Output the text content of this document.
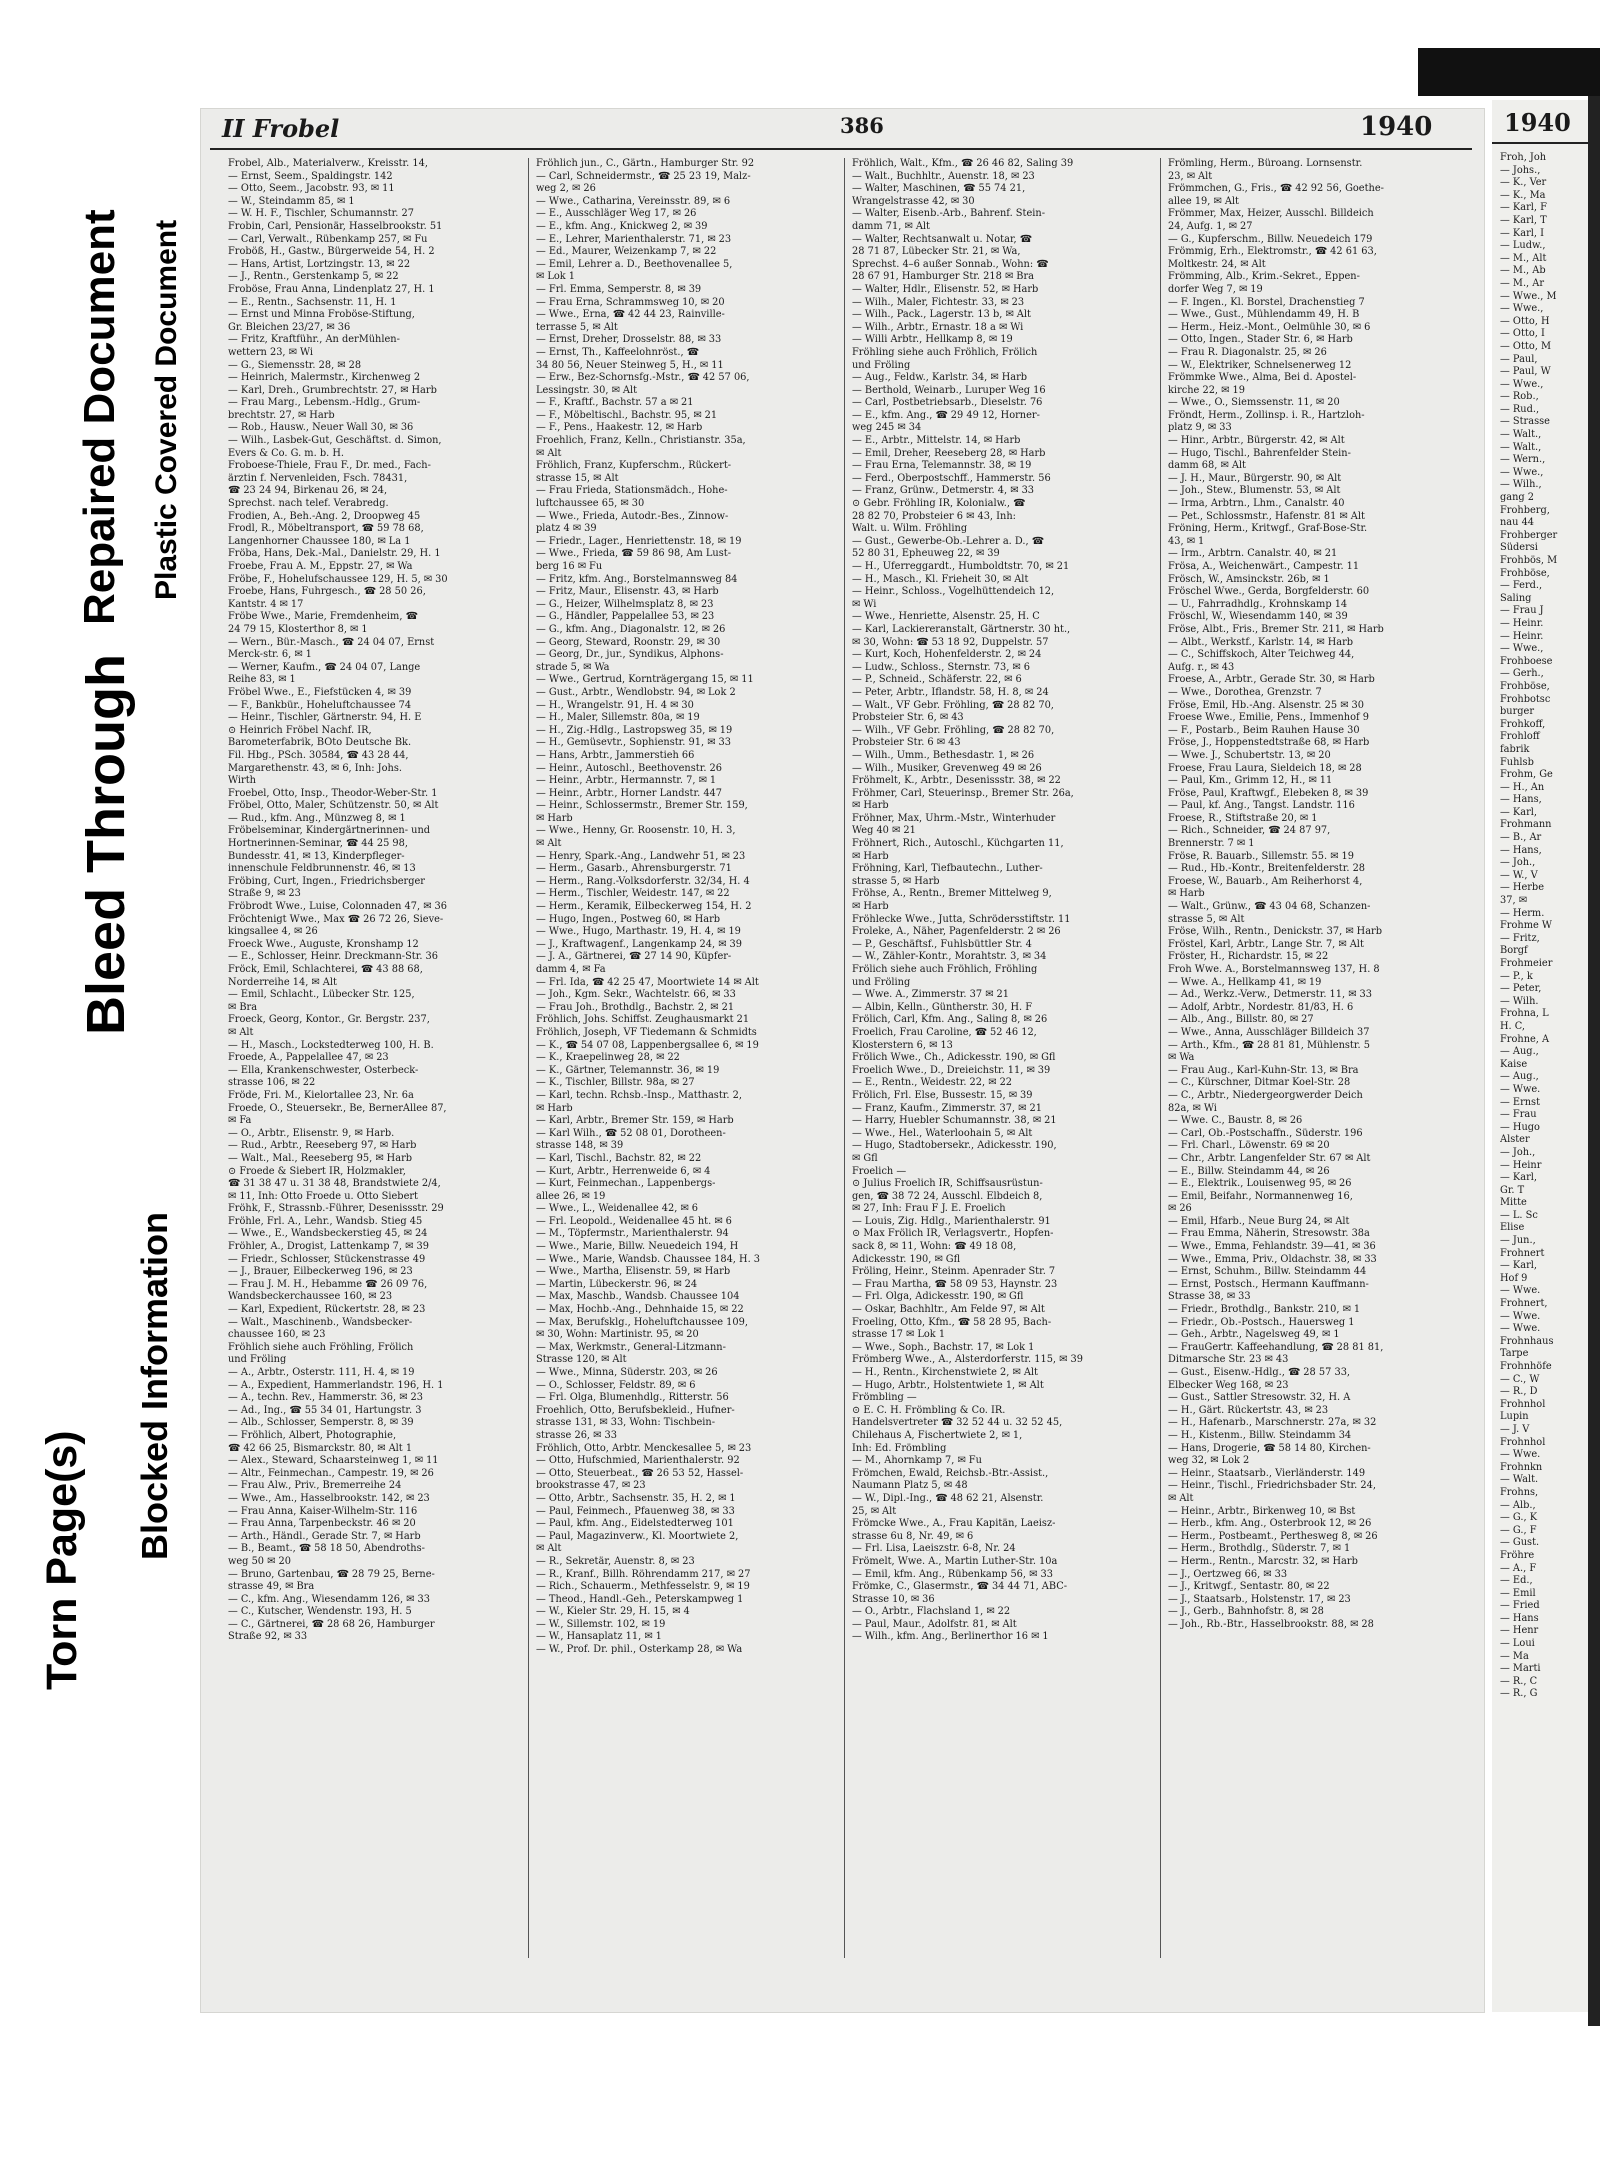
Torn Page(s)
Blocked Information
Bleed Through
Repaired Document Plastic Covered Document
II Frobel	386	1940

Frobel, Alb., Materialverw., Kreisstr. 14,

— Ernst, Seem., Spaldingstr. 142

— Otto, Seem., Jacobstr. 93, ✉ 11

— W., Steindamm 85, ✉ 1

— W. H. F., Tischler, Schumannstr. 27

Frobin, Carl, Pensionär, Hasselbrookstr. 51

— Carl, Verwalt., Rübenkamp 257, ✉ Fu

Froböß, H., Gastw., Bürgerweide 54, H. 2

— Hans, Artist, Lortzingstr. 13, ✉ 22

— J., Rentn., Gerstenkamp 5, ✉ 22

Froböse, Frau Anna, Lindenplatz 27, H. 1

— E., Rentn., Sachsenstr. 11, H. 1

— Ernst und Minna Froböse-Stiftung,

Gr. Bleichen 23/27, ✉ 36

— Fritz, Kraftführ., An derMühlen-

wettern 23, ✉ Wi

— G., Siemensstr. 28, ✉ 28

— Heinrich, Malermstr., Kirchenweg 2

— Karl, Dreh., Grumbrechtstr. 27, ✉ Harb

— Frau Marg., Lebensm.-Hdlg., Grum-

brechtstr. 27, ✉ Harb

— Rob., Hausw., Neuer Wall 30, ✉ 36

— Wilh., Lasbek-Gut, Geschäftst. d. Simon,

Evers & Co. G. m. b. H.

Froboese-Thiele, Frau F., Dr. med., Fach-

ärztin f. Nervenleiden, Fsch. 78431,

☎ 23 24 94, Birkenau 26, ✉ 24,

Sprechst. nach telef. Verabredg.

Frodien, A., Beh.-Ang. 2, Droopweg 45

Frodl, R., Möbeltransport, ☎ 59 78 68,

Langenhorner Chaussee 180, ✉ La 1

Fröba, Hans, Dek.-Mal., Danielstr. 29, H. 1

Froebe, Frau A. M., Eppstr. 27, ✉ Wa

Fröbe, F., Hohelufschaussee 129, H. 5, ✉ 30

Froebe, Hans, Fuhrgesch., ☎ 28 50 26,

Kantstr. 4 ✉ 17

Fröbe Wwe., Marie, Fremdenheim, ☎

24 79 15, Klosterthor 8, ✉ 1

— Wern., Bür.-Masch., ☎ 24 04 07, Ernst

Merck-str. 6, ✉ 1

— Werner, Kaufm., ☎ 24 04 07, Lange

Reihe 83, ✉ 1

Fröbel Wwe., E., Fiefstücken 4, ✉ 39

— F., Bankbür., Hoheluftchaussee 74

— Heinr., Tischler, Gärtnerstr. 94, H. E

⊙ Heinrich Fröbel Nachf. IR,

Barometerfabrik, BOto Deutsche Bk.

Fil. Hbg., PSch. 30584, ☎ 43 28 44,

Margarethenstr. 43, ✉ 6, Inh: Johs.

Wirth

Froebel, Otto, Insp., Theodor-Weber-Str. 1

Fröbel, Otto, Maler, Schützenstr. 50, ✉ Alt

— Rud., kfm. Ang., Münzweg 8, ✉ 1

Fröbelseminar, Kindergärtnerinnen- und

Hortnerinnen-Seminar, ☎ 44 25 98,

Bundesstr. 41, ✉ 13, Kinderpfleger-

innenschule Feldbrunnenstr. 46, ✉ 13

Fröbing, Curt, Ingen., Friedrichsberger

Straße 9, ✉ 23

Fröbrodt Wwe., Luise, Colonnaden 47, ✉ 36

Fröchtenigt Wwe., Max ☎ 26 72 26, Sieve-

kingsallee 4, ✉ 26

Froeck Wwe., Auguste, Kronshamp 12

— E., Schlosser, Heinr. Dreckmann-Str. 36

Fröck, Emil, Schlachterei, ☎ 43 88 68,

Norderreihe 14, ✉ Alt

— Emil, Schlacht., Lübecker Str. 125,

✉ Bra

Froeck, Georg, Kontor., Gr. Bergstr. 237,

✉ Alt

— H., Masch., Lockstedterweg 100, H. B.

Froede, A., Pappelallee 47, ✉ 23

— Ella, Krankenschwester, Osterbeck-

strasse 106, ✉ 22

Fröde, Fri. M., Kielortallee 23, Nr. 6a

Froede, O., Steuersekr., Be, BernerAllee 87,

✉ Fa

— O., Arbtr., Elisenstr. 9, ✉ Harb.

— Rud., Arbtr., Reeseberg 97, ✉ Harb

— Walt., Mal., Reeseberg 95, ✉ Harb

⊙ Froede & Siebert IR, Holzmakler,

☎ 31 38 47 u. 31 38 48, Brandstwiete 2/4,

✉ 11, Inh: Otto Froede u. Otto Siebert

Fröhk, F., Strassnb.-Führer, Desenissstr. 29

Fröhle, Frl. A., Lehr., Wandsb. Stieg 45

— Wwe., E., Wandsbeckerstieg 45, ✉ 24

Fröhler, A., Drogist, Lattenkamp 7, ✉ 39

— Friedr., Schlosser, Stückenstrasse 49

— J., Brauer, Eilbeckerweg 196, ✉ 23

— Frau J. M. H., Hebamme ☎ 26 09 76,

Wandsbeckerchaussee 160, ✉ 23

— Karl, Expedient, Rückertstr. 28, ✉ 23

— Walt., Maschinenb., Wandsbecker-

chaussee 160, ✉ 23

Fröhlich siehe auch Fröhling, Frölich

und Fröling

— A., Arbtr., Osterstr. 111, H. 4, ✉ 19

— A., Expedient, Hammerlandstr. 196, H. 1

— A., techn. Rev., Hammerstr. 36, ✉ 23

— Ad., Ing., ☎ 55 34 01, Hartungstr. 3

— Alb., Schlosser, Semperstr. 8, ✉ 39

— Fröhlich, Albert, Photographie,

☎ 42 66 25, Bismarckstr. 80, ✉ Alt 1

— Alex., Steward, Schaarsteinweg 1, ✉ 11

— Altr., Feinmechan., Campestr. 19, ✉ 26

— Frau Alw., Priv., Bremerreihe 24

— Wwe., Am., Hasselbrookstr. 142, ✉ 23

— Frau Anna, Kaiser-Wilhelm-Str. 116

— Frau Anna, Tarpenbeckstr. 46 ✉ 20

— Arth., Händl., Gerade Str. 7, ✉ Harb

— B., Beamt., ☎ 58 18 50, Abendroths-

weg 50 ✉ 20

— Bruno, Gartenbau, ☎ 28 79 25, Berne-

strasse 49, ✉ Bra

— C., kfm. Ang., Wiesendamm 126, ✉ 33

— C., Kutscher, Wendenstr. 193, H. 5

— C., Gärtnerei, ☎ 28 68 26, Hamburger

Straße 92, ✉ 33

Fröhlich jun., C., Gärtn., Hamburger Str. 92

— Carl, Schneidermstr., ☎ 25 23 19, Malz-

weg 2, ✉ 26

— Wwe., Catharina, Vereinsstr. 89, ✉ 6

— E., Ausschläger Weg 17, ✉ 26

— E., kfm. Ang., Knickweg 2, ✉ 39

— E., Lehrer, Marienthalerstr. 71, ✉ 23

— Ed., Maurer, Weizenkamp 7, ✉ 22

— Emil, Lehrer a. D., Beethovenallee 5,

✉ Lok 1

— Frl. Emma, Semperstr. 8, ✉ 39

— Frau Erna, Schrammsweg 10, ✉ 20

— Wwe., Erna, ☎ 42 44 23, Rainville-

terrasse 5, ✉ Alt

— Ernst, Dreher, Drosselstr. 88, ✉ 33

— Ernst, Th., Kaffeelohnröst., ☎

34 80 56, Neuer Steinweg 5, H., ✉ 11

— Erw., Bez-Schornsfg.-Mstr., ☎ 42 57 06,

Lessingstr. 30, ✉ Alt

— F., Kraftf., Bachstr. 57 a ✉ 21

— F., Möbeltischl., Bachstr. 95, ✉ 21

— F., Pens., Haakestr. 12, ✉ Harb

Froehlich, Franz, Kelln., Christianstr. 35a,

✉ Alt

Fröhlich, Franz, Kupferschm., Rückert-

strasse 15, ✉ Alt

— Frau Frieda, Stationsmädch., Hohe-

luftchaussee 65, ✉ 30

— Wwe., Frieda, Autodr.-Bes., Zinnow-

platz 4 ✉ 39

— Friedr., Lager., Henriettenstr. 18, ✉ 19

— Wwe., Frieda, ☎ 59 86 98, Am Lust-

berg 16 ✉ Fu

— Fritz, kfm. Ang., Borstelmannsweg 84

— Fritz, Maur., Elisenstr. 43, ✉ Harb

— G., Heizer, Wilhelmsplatz 8, ✉ 23

— G., Händler, Pappelallee 53, ✉ 23

— G., kfm. Ang., Diagonalstr. 12, ✉ 26

— Georg, Steward, Roonstr. 29, ✉ 30

— Georg, Dr., jur., Syndikus, Alphons-

strade 5, ✉ Wa

— Wwe., Gertrud, Kornträgergang 15, ✉ 11

— Gust., Arbtr., Wendlobstr. 94, ✉ Lok 2

— H., Wrangelstr. 91, H. 4 ✉ 30

— H., Maler, Sillemstr. 80a, ✉ 19

— H., Zig.-Hdlg., Lastropsweg 35, ✉ 19

— H., Gemüsevtr., Sophienstr. 91, ✉ 33

— Hans, Arbtr., Jammerstieh 66

— Heinr., Autoschl., Beethovenstr. 26

— Heinr., Arbtr., Hermannstr. 7, ✉ 1

— Heinr., Arbtr., Horner Landstr. 447

— Heinr., Schlossermstr., Bremer Str. 159,

✉ Harb

— Wwe., Henny, Gr. Roosenstr. 10, H. 3,

✉ Alt

— Henry, Spark.-Ang., Landwehr 51, ✉ 23

— Herm., Gasarb., Ahrensburgerstr. 71

— Herm., Rang.-Volksdorferstr. 32/34, H. 4

— Herm., Tischler, Weidestr. 147, ✉ 22

— Herm., Keramik, Eilbeckerweg 154, H. 2

— Hugo, Ingen., Postweg 60, ✉ Harb

— Wwe., Hugo, Marthastr. 19, H. 4, ✉ 19

— J., Kraftwagenf., Langenkamp 24, ✉ 39

— J. A., Gärtnerei, ☎ 27 14 90, Küpfer-

damm 4, ✉ Fa

— Frl. Ida, ☎ 42 25 47, Moortwiete 14 ✉ Alt

— Joh., Kgm. Sekr., Wachtelstr. 66, ✉ 33

— Frau Joh., Brothdlg., Bachstr. 2, ✉ 21

Fröhlich, Johs. Schiffst. Zeughausmarkt 21

Fröhlich, Joseph, VF Tiedemann & Schmidts

— K., ☎ 54 07 08, Lappenbergsallee 6, ✉ 19

— K., Kraepelinweg 28, ✉ 22

— K., Gärtner, Telemannstr. 36, ✉ 19

— K., Tischler, Billstr. 98a, ✉ 27

— Karl, techn. Rchsb.-Insp., Matthastr. 2,

✉ Harb

— Karl, Arbtr., Bremer Str. 159, ✉ Harb

— Karl Wilh., ☎ 52 08 01, Dorotheen-

strasse 148, ✉ 39

— Karl, Tischl., Bachstr. 82, ✉ 22

— Kurt, Arbtr., Herrenweide 6, ✉ 4

— Kurt, Feinmechan., Lappenbergs-

allee 26, ✉ 19

— Wwe., L., Weidenallee 42, ✉ 6

— Frl. Leopold., Weidenallee 45 ht. ✉ 6

— M., Töpfermstr., Marienthalerstr. 94

— Wwe., Marie, Billw. Neuedeich 194, H

— Wwe., Marie, Wandsb. Chaussee 184, H. 3

— Wwe., Martha, Elisenstr. 59, ✉ Harb

— Martin, Lübeckerstr. 96, ✉ 24

— Max, Maschb., Wandsb. Chaussee 104

— Max, Hochb.-Ang., Dehnhaide 15, ✉ 22

— Max, Berufsklg., Hoheluftchaussee 109,

✉ 30, Wohn: Martinistr. 95, ✉ 20

— Max, Werkmstr., General-Litzmann-

Strasse 120, ✉ Alt

— Wwe., Minna, Süderstr. 203, ✉ 26

— O., Schlosser, Feldstr. 89, ✉ 6

— Frl. Olga, Blumenhdlg., Ritterstr. 56

Froehlich, Otto, Berufsbekleid., Hufner-

strasse 131, ✉ 33, Wohn: Tischbein-

strasse 26, ✉ 33

Fröhlich, Otto, Arbtr. Menckesallee 5, ✉ 23

— Otto, Hufschmied, Marienthalerstr. 92

— Otto, Steuerbeat., ☎ 26 53 52, Hassel-

brookstrasse 47, ✉ 23

— Otto, Arbtr., Sachsenstr. 35, H. 2, ✉ 1

— Paul, Feinmech., Pfauenweg 38, ✉ 33

— Paul, kfm. Ang., Eidelstedterweg 101

— Paul, Magazinverw., Kl. Moortwiete 2,

✉ Alt

— R., Sekretär, Auenstr. 8, ✉ 23

— R., Kranf., Billh. Röhrendamm 217, ✉ 27

— Rich., Schauerm., Methfesselstr. 9, ✉ 19

— Theod., Handl.-Geh., Peterskampweg 1

— W., Kieler Str. 29, H. 15, ✉ 4

— W., Sillemstr. 102, ✉ 19

— W., Hansaplatz 11, ✉ 1

— W., Prof. Dr. phil., Osterkamp 28, ✉ Wa

Fröhlich, Walt., Kfm., ☎ 26 46 82, Saling 39

— Walt., Buchhltr., Auenstr. 18, ✉ 23

— Walter, Maschinen, ☎ 55 74 21,

Wrangelstrasse 42, ✉ 30

— Walter, Eisenb.-Arb., Bahrenf. Stein-

damm 71, ✉ Alt

— Walter, Rechtsanwalt u. Notar, ☎

28 71 87, Lübecker Str. 21, ✉ Wa,

Sprechst. 4–6 außer Sonnab., Wohn: ☎

28 67 91, Hamburger Str. 218 ✉ Bra

— Walter, Hdlr., Elisenstr. 52, ✉ Harb

— Wilh., Maler, Fichtestr. 33, ✉ 23

— Wilh., Pack., Lagerstr. 13 b, ✉ Alt

— Wilh., Arbtr., Ernastr. 18 a ✉ Wi

— Willi Arbtr., Hellkamp 8, ✉ 19

Fröhling siehe auch Fröhlich, Frölich

und Fröling

— Aug., Feldw., Karlstr. 34, ✉ Harb

— Berthold, Weinarb., Luruper Weg 16

— Carl, Postbetriebsarb., Dieselstr. 76

— E., kfm. Ang., ☎ 29 49 12, Horner-

weg 245 ✉ 34

— E., Arbtr., Mittelstr. 14, ✉ Harb

— Emil, Dreher, Reeseberg 28, ✉ Harb

— Frau Erna, Telemannstr. 38, ✉ 19

— Ferd., Oberpostschff., Hammerstr. 56

— Franz, Grünw., Detmerstr. 4, ✉ 33

⊙ Gebr. Fröhling IR, Kolonialw., ☎

28 82 70, Probsteier 6 ✉ 43, Inh:

Walt. u. Wilm. Fröhling

— Gust., Gewerbe-Ob.-Lehrer a. D., ☎

52 80 31, Epheuweg 22, ✉ 39

— H., Uferreggardt., Humboldtstr. 70, ✉ 21

— H., Masch., Kl. Frieheit 30, ✉ Alt

— Heinr., Schloss., Vogelhüttendeich 12,

✉ Wi

— Wwe., Henriette, Alsenstr. 25, H. C

— Karl, Lackiereranstalt, Gärtnerstr. 30 ht.,

✉ 30, Wohn: ☎ 53 18 92, Duppelstr. 57

— Kurt, Koch, Hohenfelderstr. 2, ✉ 24

— Ludw., Schloss., Sternstr. 73, ✉ 6

— P., Schneid., Schäferstr. 22, ✉ 6

— Peter, Arbtr., Iflandstr. 58, H. 8, ✉ 24

— Walt., VF Gebr. Fröhling, ☎ 28 82 70,

Probsteier Str. 6, ✉ 43

— Wilh., VF Gebr. Fröhling, ☎ 28 82 70,

Probsteier Str. 6 ✉ 43

— Wilh., Umm., Bethesdastr. 1, ✉ 26

— Wilh., Musiker, Grevenweg 49 ✉ 26

Fröhmelt, K., Arbtr., Desenissstr. 38, ✉ 22

Fröhmer, Carl, Steuerinsp., Bremer Str. 26a,

✉ Harb

Fröhner, Max, Uhrm.-Mstr., Winterhuder

Weg 40 ✉ 21

Fröhnert, Rich., Autoschl., Küchgarten 11,

✉ Harb

Fröhning, Karl, Tiefbautechn., Luther-

strasse 5, ✉ Harb

Fröhse, A., Rentn., Bremer Mittelweg 9,

✉ Harb

Fröhlecke Wwe., Jutta, Schrödersstiftstr. 11

Froleke, A., Näher, Pagenfelderstr. 2 ✉ 26

— P., Geschäftsf., Fuhlsbüttler Str. 4

— W., Zähler-Kontr., Morahtstr. 3, ✉ 34

Frölich siehe auch Fröhlich, Fröhling

und Fröling

— Wwe. A., Zimmerstr. 37 ✉ 21

— Albin, Kelln., Güntherstr. 30, H. F

Frölich, Carl, Kfm. Ang., Saling 8, ✉ 26

Froelich, Frau Caroline, ☎ 52 46 12,

Klosterstern 6, ✉ 13

Frölich Wwe., Ch., Adickesstr. 190, ✉ Gfl

Froelich Wwe., D., Dreieichstr. 11, ✉ 39

— E., Rentn., Weidestr. 22, ✉ 22

Frölich, Frl. Else, Bussestr. 15, ✉ 39

— Franz, Kaufm., Zimmerstr. 37, ✉ 21

— Harry, Huebler Schumannstr. 38, ✉ 21

— Wwe., Hel., Waterloohain 5, ✉ Alt

— Hugo, Stadtobersekr., Adickesstr. 190,

✉ Gfl

Froelich —

⊙ Julius Froelich IR, Schiffsausrüstun-

gen, ☎ 38 72 24, Ausschl. Elbdeich 8,

✉ 27, Inh: Frau F J. E. Froelich

— Louis, Zig. Hdlg., Marienthalerstr. 91

⊙ Max Frölich IR, Verlagsvertr., Hopfen-

sack 8, ✉ 11, Wohn: ☎ 49 18 08,

Adickesstr. 190, ✉ Gfl

Fröling, Heinr., Steinm. Apenrader Str. 7

— Frau Martha, ☎ 58 09 53, Haynstr. 23

— Frl. Olga, Adickesstr. 190, ✉ Gfl

— Oskar, Bachhltr., Am Felde 97, ✉ Alt

Froeling, Otto, Kfm., ☎ 58 28 95, Bach-

strasse 17 ✉ Lok 1

— Wwe., Soph., Bachstr. 17, ✉ Lok 1

Frömberg Wwe., A., Alsterdorferstr. 115, ✉ 39

— H., Rentn., Kirchenstwiete 2, ✉ Alt

— Hugo, Arbtr., Holstentwiete 1, ✉ Alt

Frömbling —

⊙ E. C. H. Frömbling & Co. IR.

Handelsvertreter ☎ 32 52 44 u. 32 52 45,

Chilehaus A, Fischertwiete 2, ✉ 1,

Inh: Ed. Frömbling

— M., Ahornkamp 7, ✉ Fu

Frömchen, Ewald, Reichsb.-Btr.-Assist.,

Naumann Platz 5, ✉ 48

— W., Dipl.-Ing., ☎ 48 62 21, Alsenstr.

25, ✉ Alt

Frömcke Wwe., A., Frau Kapitän, Laeisz-

strasse 6u 8, Nr. 49, ✉ 6

— Frl. Lisa, Laeiszstr. 6-8, Nr. 24

Frömelt, Wwe. A., Martin Luther-Str. 10a

— Emil, kfm. Ang., Rübenkamp 56, ✉ 33

Frömke, C., Glasermstr., ☎ 34 44 71, ABC-

Strasse 10, ✉ 36

— O., Arbtr., Flachsland 1, ✉ 22

— Paul, Maur., Adolfstr. 81, ✉ Alt

— Wilh., kfm. Ang., Berlinerthor 16 ✉ 1

Frömling, Herm., Büroang. Lornsenstr.

23, ✉ Alt

Frömmchen, G., Fris., ☎ 42 92 56, Goethe-

allee 19, ✉ Alt

Frömmer, Max, Heizer, Ausschl. Billdeich

24, Aufg. 1, ✉ 27

— G., Kupferschm., Billw. Neuedeich 179

Frömmig, Erh., Elektromstr., ☎ 42 61 63,

Moltkestr. 24, ✉ Alt

Frömming, Alb., Krim.-Sekret., Eppen-

dorfer Weg 7, ✉ 19

— F. Ingen., Kl. Borstel, Drachenstieg 7

— Wwe., Gust., Mühlendamm 49, H. B

— Herm., Heiz.-Mont., Oelmühle 30, ✉ 6

— Otto, Ingen., Stader Str. 6, ✉ Harb

— Frau R. Diagonalstr. 25, ✉ 26

— W., Elektriker, Schnelsenerweg 12

Frömmke Wwe., Alma, Bei d. Apostel-

kirche 22, ✉ 19

— Wwe., O., Siemssenstr. 11, ✉ 20

Fröndt, Herm., Zollinsp. i. R., Hartzloh-

platz 9, ✉ 33

— Hinr., Arbtr., Bürgerstr. 42, ✉ Alt

— Hugo, Tischl., Bahrenfelder Stein-

damm 68, ✉ Alt

— J. H., Maur., Bürgerstr. 90, ✉ Alt

— Joh., Stew., Blumenstr. 53, ✉ Alt

— Irma, Arbtrn., Lhm., Canalstr. 40

— Pet., Schlossmstr., Hafenstr. 81 ✉ Alt

Fröning, Herm., Kritwgf., Graf-Bose-Str.

43, ✉ 1

— Irm., Arbtrn. Canalstr. 40, ✉ 21

Frösa, A., Weichenwärt., Campestr. 11

Frösch, W., Amsinckstr. 26b, ✉ 1

Fröschel Wwe., Gerda, Borgfelderstr. 60

— U., Fahrradhdlg., Krohnskamp 14

Fröschl, W., Wiesendamm 140, ✉ 39

Fröse, Albt., Fris., Bremer Str. 211, ✉ Harb

— Albt., Werkstf., Karlstr. 14, ✉ Harb

— C., Schiffskoch, Alter Teichweg 44,

Aufg. r., ✉ 43

Froese, A., Arbtr., Gerade Str. 30, ✉ Harb

— Wwe., Dorothea, Grenzstr. 7

Fröse, Emil, Hb.-Ang. Alsenstr. 25 ✉ 30

Froese Wwe., Emilie, Pens., Immenhof 9

— F., Postarb., Beim Rauhen Hause 30

Fröse, J., Hoppenstedtstraße 68, ✉ Harb

— Wwe. J., Schubertstr. 13, ✉ 20

Froese, Frau Laura, Sieldeich 18, ✉ 28

— Paul, Km., Grimm 12, H., ✉ 11

Fröse, Paul, Kraftwgf., Elebeken 8, ✉ 39

— Paul, kf. Ang., Tangst. Landstr. 116

Froese, R., Stiftstraße 20, ✉ 1

— Rich., Schneider, ☎ 24 87 97,

Brennerstr. 7 ✉ 1

Fröse, R. Bauarb., Sillemstr. 55. ✉ 19

— Rud., Hb.-Kontr., Breitenfelderstr. 28

Froese, W., Bauarb., Am Reiherhorst 4,

✉ Harb

— Walt., Grünw., ☎ 43 04 68, Schanzen-

strasse 5, ✉ Alt

Fröse, Wilh., Rentn., Denickstr. 37, ✉ Harb

Fröstel, Karl, Arbtr., Lange Str. 7, ✉ Alt

Fröster, H., Richardstr. 15, ✉ 22

Froh Wwe. A., Borstelmannsweg 137, H. 8

— Wwe. A., Hellkamp 41, ✉ 19

— Ad., Werkz.-Verw., Detmerstr. 11, ✉ 33

— Adolf, Arbtr., Nordestr. 81/83, H. 6

— Alb., Ang., Billstr. 80, ✉ 27

— Wwe., Anna, Ausschläger Billdeich 37

— Arth., Kfm., ☎ 28 81 81, Mühlenstr. 5

✉ Wa

— Frau Aug., Karl-Kuhn-Str. 13, ✉ Bra

— C., Kürschner, Ditmar Koel-Str. 28

— C., Arbtr., Niedergeorgwerder Deich

82a, ✉ Wi

— Wwe. C., Baustr. 8, ✉ 26

— Carl, Ob.-Postschaffn., Süderstr. 196

— Frl. Charl., Löwenstr. 69 ✉ 20

— Chr., Arbtr. Langenfelder Str. 67 ✉ Alt

— E., Billw. Steindamm 44, ✉ 26

— E., Elektrik., Louisenweg 95, ✉ 26

— Emil, Beifahr., Normannenweg 16,

✉ 26

— Emil, Hfarb., Neue Burg 24, ✉ Alt

— Frau Emma, Näherin, Stresowstr. 38a

— Wwe., Emma, Fehlandstr. 39—41, ✉ 36

— Wwe., Emma, Priv., Oldachstr. 38, ✉ 33

— Ernst, Schuhm., Billw. Steindamm 44

— Ernst, Postsch., Hermann Kauffmann-

Strasse 38, ✉ 33

— Friedr., Brothdlg., Bankstr. 210, ✉ 1

— Friedr., Ob.-Postsch., Hauersweg 1

— Geh., Arbtr., Nagelsweg 49, ✉ 1

— FrauGertr. Kaffeehandlung, ☎ 28 81 81,

Ditmarsche Str. 23 ✉ 43

— Gust., Eisenw.-Hdlg., ☎ 28 57 33,

Elbecker Weg 168, ✉ 23

— Gust., Sattler Stresowstr. 32, H. A

— H., Gärt. Rückertstr. 43, ✉ 23

— H., Hafenarb., Marschnerstr. 27a, ✉ 32

— H., Kistenm., Billw. Steindamm 34

— Hans, Drogerie, ☎ 58 14 80, Kirchen-

weg 32, ✉ Lok 2

— Heinr., Staatsarb., Vierländerstr. 149

— Heinr., Tischl., Friedrichsbader Str. 24,

✉ Alt

— Heinr., Arbtr., Birkenweg 10, ✉ Bst

— Herb., kfm. Ang., Osterbrook 12, ✉ 26

— Herm., Postbeamt., Perthesweg 8, ✉ 26

— Herm., Brothdlg., Süderstr. 7, ✉ 1

— Herm., Rentn., Marcstr. 32, ✉ Harb

— J., Oertzweg 66, ✉ 33

— J., Kritwgf., Sentastr. 80, ✉ 22

— J., Staatsarb., Holstenstr. 17, ✉ 23

— J., Gerb., Bahnhofstr. 8, ✉ 28

— Joh., Rb.-Btr., Hasselbrookstr. 88, ✉ 28

1940

Froh, Joh

— Johs.,

— K., Ver

— K., Ma

— Karl, F

— Karl, T

— Karl, I

— Ludw.,

— M., Alt

— M., Ab

— M., Ar

— Wwe., M

— Wwe.,

— Otto, H

— Otto, I

— Otto, M

— Paul,

— Paul, W

— Wwe.,

— Rob.,

— Rud.,

— Strasse

— Walt.,

— Walt.,

— Wern.,

— Wwe.,

— Wilh.,

gang 2

Frohberg,

nau 44

Frohberger

Südersi

Frohbös, M

Frohböse,

— Ferd.,

Saling

— Frau J

— Heinr.

— Heinr.

— Wwe.,

Frohboese

— Gerh.,

Frohböse,

Frohbotsc

burger

Frohkoff,

Frohloff

fabrik

Fuhlsb

Frohm, Ge

— H., An

— Hans,

— Karl,

Frohmann

— B., Ar

— Hans,

— Joh.,

— W., V

— Herbe

37, ✉

— Herm.

Frohme W

— Fritz,

Borgf

Frohmeier

— P., k

— Peter,

— Wilh.

Frohna, L

H. C,

Frohne, A

— Aug.,

Kaise

— Aug.,

— Wwe.

— Ernst

— Frau

— Hugo

Alster

— Joh.,

— Heinr

— Karl,

Gr. T

Mitte

— L. Sc

Elise

— Jun.,

Frohnert

— Karl,

Hof 9

— Wwe.

Frohnert,

— Wwe.

— Wwe.

Frohnhaus

Tarpe

Frohnhöfe

— C., W

— R., D

Frohnhol

Lupin

— J. V

Frohnhol

— Wwe.

Frohnkn

— Walt.

Frohns,

— Alb.,

— G., K

— G., F

— Gust.

Fröhre

— A., F

— Ed.,

— Emil

— Fried

— Hans

— Henr

— Loui

— Ma

— Marti

— R., C

— R., G
